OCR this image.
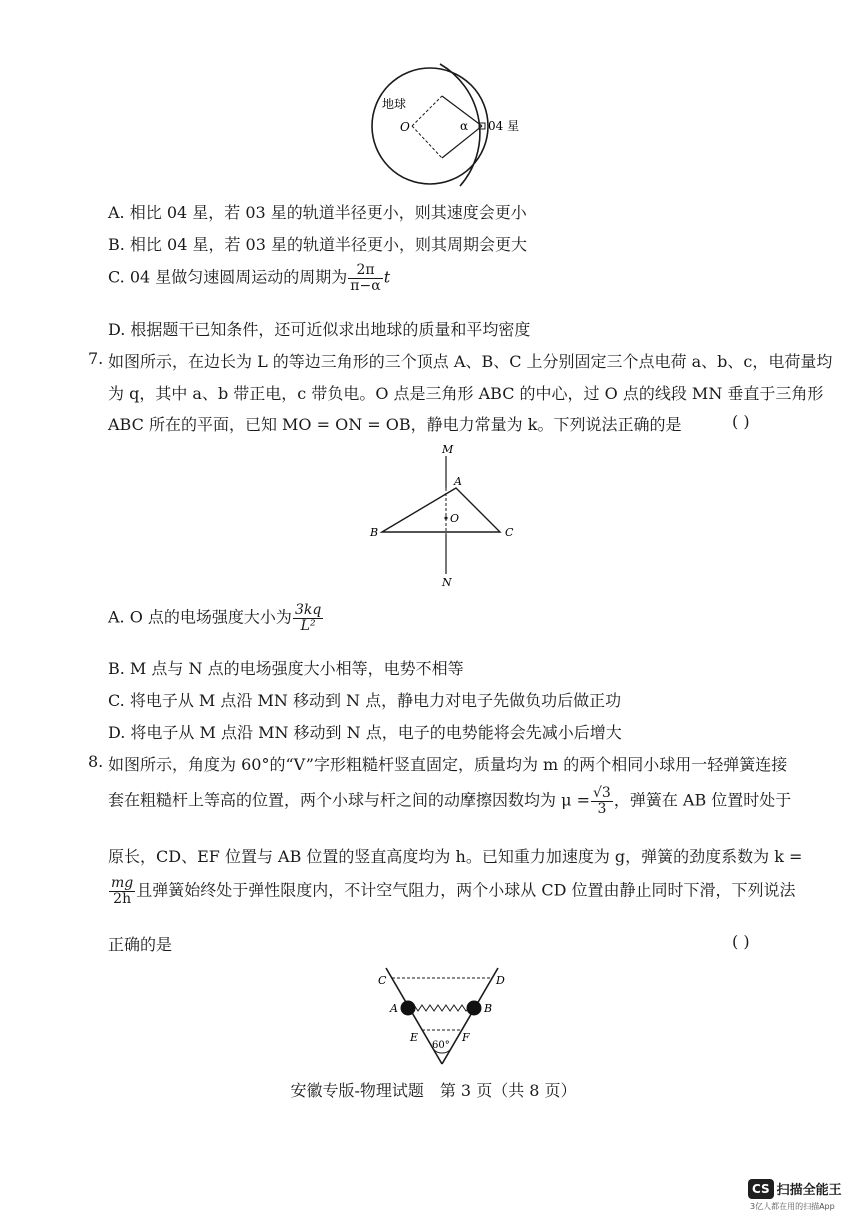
地球
O	α 04 星
A. 相比 04 星，若 03 星的轨道半径更小，则其速度会更小
B. 相比 04 星，若 03 星的轨道半径更小，则其周期会更大
C. 04 星做匀速圆周运动的周期为 $\frac{2\pi}{\pi-\alpha}$ t
D. 根据题干已知条件，还可近似求出地球的质量和平均密度
7. 如图所示，在边长为 L 的等边三角形的三个顶点 A、B、C 上分别固定三个点电荷 a、b、c，电荷量均
为 q，其中 a、b 带正电，c 带负电。O 点是三角形 ABC 的中心，过 O 点的线段 MN 垂直于三角形
ABC 所在的平面，已知 MO = ON = OB，静电力常量为 k。下列说法正确的是	( )
M
A
O
B	C
N
A. O 点的电场强度大小为 $\frac{3kq}{\text{L²}}$
B. M 点与 N 点的电场强度大小相等，电势不相等
C. 将电子从 M 点沿 MN 移动到 N 点，静电力对电子先做负功后做正功
D. 将电子从 M 点沿 MN 移动到 N 点，电子的电势能将会先减小后增大
8. 如图所示，角度为 60°的“V”字形粗糙杆竖直固定，质量均为 m 的两个相同小球用一轻弹簧连接
套在粗糙杆上等高的位置，两个小球与杆之间的动摩擦因数均为 $\mu = \frac{√3}{3}$ ，弹簧在 AB 位置时处于
原长，CD、EF 位置与 AB 位置的竖直高度均为 h。已知重力加速度为 g，弹簧的劲度系数为 k =
$\frac{mg}{2h}$ 且弹簧始终处于弹性限度内，不计空气阻力，两个小球从 CD 位置由静止同时下滑，下列说法
正确的是	( )
C	D
A	B
E	F
60°
安徽专版-物理试题　第 3 页（共 8 页）
CS 扫描全能王
3亿人都在用的扫描App
